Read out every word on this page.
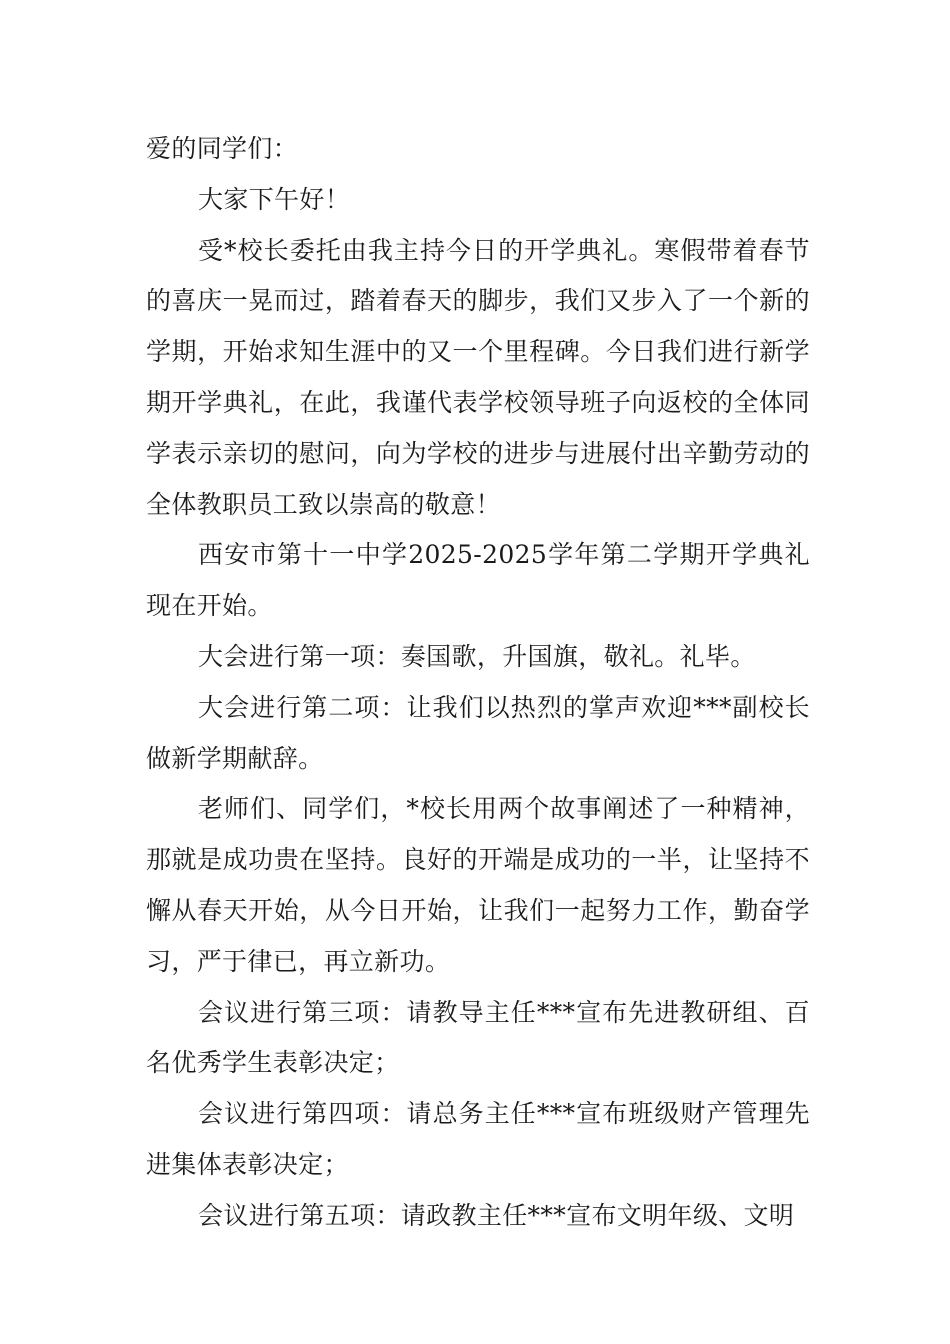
爱的同学们：

大家下午好！

受*校长委托由我主持今日的开学典礼。寒假带着春节的喜庆一晃而过，踏着春天的脚步，我们又步入了一个新的学期，开始求知生涯中的又一个里程碑。今日我们进行新学期开学典礼，在此，我谨代表学校领导班子向返校的全体同学表示亲切的慰问，向为学校的进步与进展付出辛勤劳动的全体教职员工致以崇高的敬意！

西安市第十一中学2025-2025学年第二学期开学典礼现在开始。

大会进行第一项：奏国歌，升国旗，敬礼。礼毕。

大会进行第二项：让我们以热烈的掌声欢迎***副校长做新学期献辞。

老师们、同学们，*校长用两个故事阐述了一种精神，那就是成功贵在坚持。良好的开端是成功的一半，让坚持不懈从春天开始，从今日开始，让我们一起努力工作，勤奋学习，严于律已，再立新功。

会议进行第三项：请教导主任***宣布先进教研组、百名优秀学生表彰决定；

会议进行第四项：请总务主任***宣布班级财产管理先进集体表彰决定；

会议进行第五项：请政教主任***宣布文明年级、文明
